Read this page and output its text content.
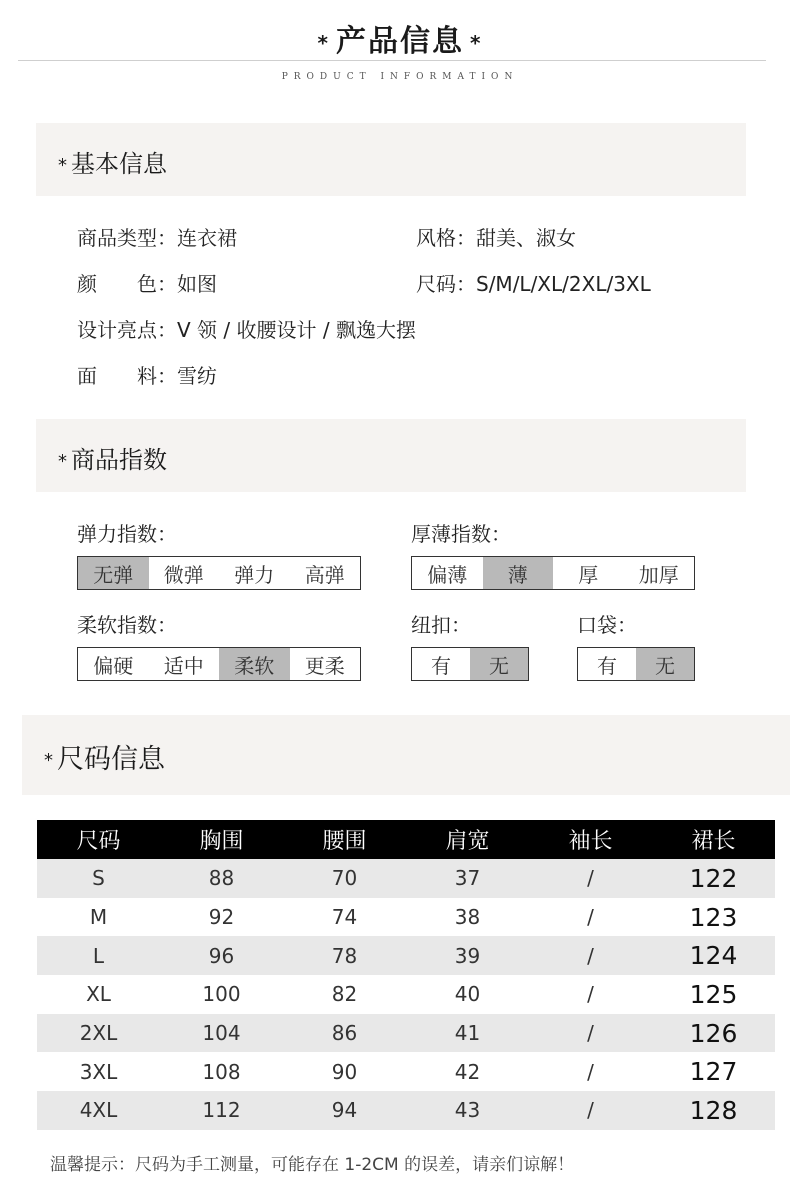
* 产品信息 *
PRODUCT INFORMATION
* 基本信息
商品类型：连衣裙	风格：甜美、淑女
颜　　色：如图	尺码：S/M/L/XL/2XL/3XL
设计亮点：V 领 / 收腰设计 / 飘逸大摆
面　　料：雪纺
* 商品指数
弹力指数：
无弹	微弹	弹力	高弹
厚薄指数：
偏薄	薄	厚	加厚
柔软指数：
偏硬	适中	柔软	更柔
纽扣：
有	无
口袋：
有	无
* 尺码信息
尺码	胸围	腰围	肩宽	袖长	裙长
S	88	70	37	/	122
M	92	74	38	/	123
L	96	78	39	/	124
XL	100	82	40	/	125
2XL	104	86	41	/	126
3XL	108	90	42	/	127
4XL	112	94	43	/	128
温馨提示：尺码为手工测量，可能存在 1-2CM 的误差，请亲们谅解！
